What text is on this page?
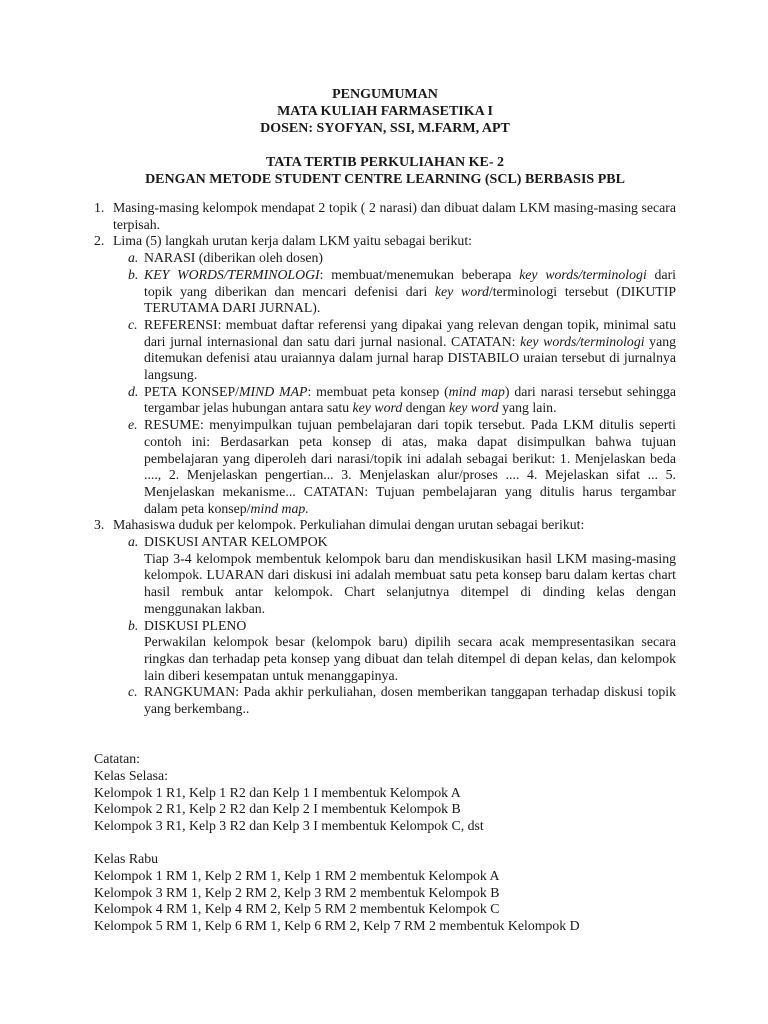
PENGUMUMAN
MATA KULIAH FARMASETIKA I
DOSEN: SYOFYAN, SSI, M.FARM, APT
TATA TERTIB PERKULIAHAN KE- 2
DENGAN METODE STUDENT CENTRE LEARNING (SCL) BERBASIS PBL
1. Masing-masing kelompok mendapat 2 topik ( 2 narasi) dan dibuat dalam LKM masing-masing secara terpisah.
2. Lima (5) langkah urutan kerja dalam LKM yaitu sebagai berikut:
a. NARASI (diberikan oleh dosen)
b. KEY WORDS/TERMINOLOGI: membuat/menemukan beberapa key words/terminologi dari topik yang diberikan dan mencari defenisi dari key word/terminologi tersebut (DIKUTIP TERUTAMA DARI JURNAL).
c. REFERENSI: membuat daftar referensi yang dipakai yang relevan dengan topik, minimal satu dari jurnal internasional dan satu dari jurnal nasional. CATATAN: key words/terminologi yang ditemukan defenisi atau uraiannya dalam jurnal harap DISTABILO uraian tersebut di jurnalnya langsung.
d. PETA KONSEP/MIND MAP: membuat peta konsep (mind map) dari narasi tersebut sehingga tergambar jelas hubungan antara satu key word dengan key word yang lain.
e. RESUME: menyimpulkan tujuan pembelajaran dari topik tersebut. Pada LKM ditulis seperti contoh ini: Berdasarkan peta konsep di atas, maka dapat disimpulkan bahwa tujuan pembelajaran yang diperoleh dari narasi/topik ini adalah sebagai berikut: 1. Menjelaskan beda ...., 2. Menjelaskan pengertian... 3. Menjelaskan alur/proses .... 4. Mejelaskan sifat ... 5. Menjelaskan mekanisme... CATATAN: Tujuan pembelajaran yang ditulis harus tergambar dalam peta konsep/mind map.
3. Mahasiswa duduk per kelompok. Perkuliahan dimulai dengan urutan sebagai berikut:
a. DISKUSI ANTAR KELOMPOK
Tiap 3-4 kelompok membentuk kelompok baru dan mendiskusikan hasil LKM masing-masing kelompok. LUARAN dari diskusi ini adalah membuat satu peta konsep baru dalam kertas chart hasil rembuk antar kelompok. Chart selanjutnya ditempel di dinding kelas dengan menggunakan lakban.
b. DISKUSI PLENO
Perwakilan kelompok besar (kelompok baru) dipilih secara acak mempresentasikan secara ringkas dan terhadap peta konsep yang dibuat dan telah ditempel di depan kelas, dan kelompok lain diberi kesempatan untuk menanggapinya.
c. RANGKUMAN: Pada akhir perkuliahan, dosen memberikan tanggapan terhadap diskusi topik yang berkembang..
Catatan:
Kelas Selasa:
Kelompok 1 R1, Kelp 1 R2 dan Kelp 1 I membentuk Kelompok A
Kelompok 2 R1, Kelp 2 R2 dan Kelp 2 I membentuk Kelompok B
Kelompok 3 R1, Kelp 3 R2 dan Kelp 3 I membentuk Kelompok C, dst
Kelas Rabu
Kelompok 1 RM 1, Kelp 2 RM 1, Kelp 1 RM 2 membentuk Kelompok A
Kelompok 3 RM 1, Kelp 2 RM 2, Kelp 3 RM 2 membentuk Kelompok B
Kelompok 4 RM 1, Kelp 4 RM 2, Kelp 5 RM 2 membentuk Kelompok C
Kelompok 5 RM 1, Kelp 6 RM 1, Kelp 6 RM 2, Kelp 7 RM 2 membentuk Kelompok D
